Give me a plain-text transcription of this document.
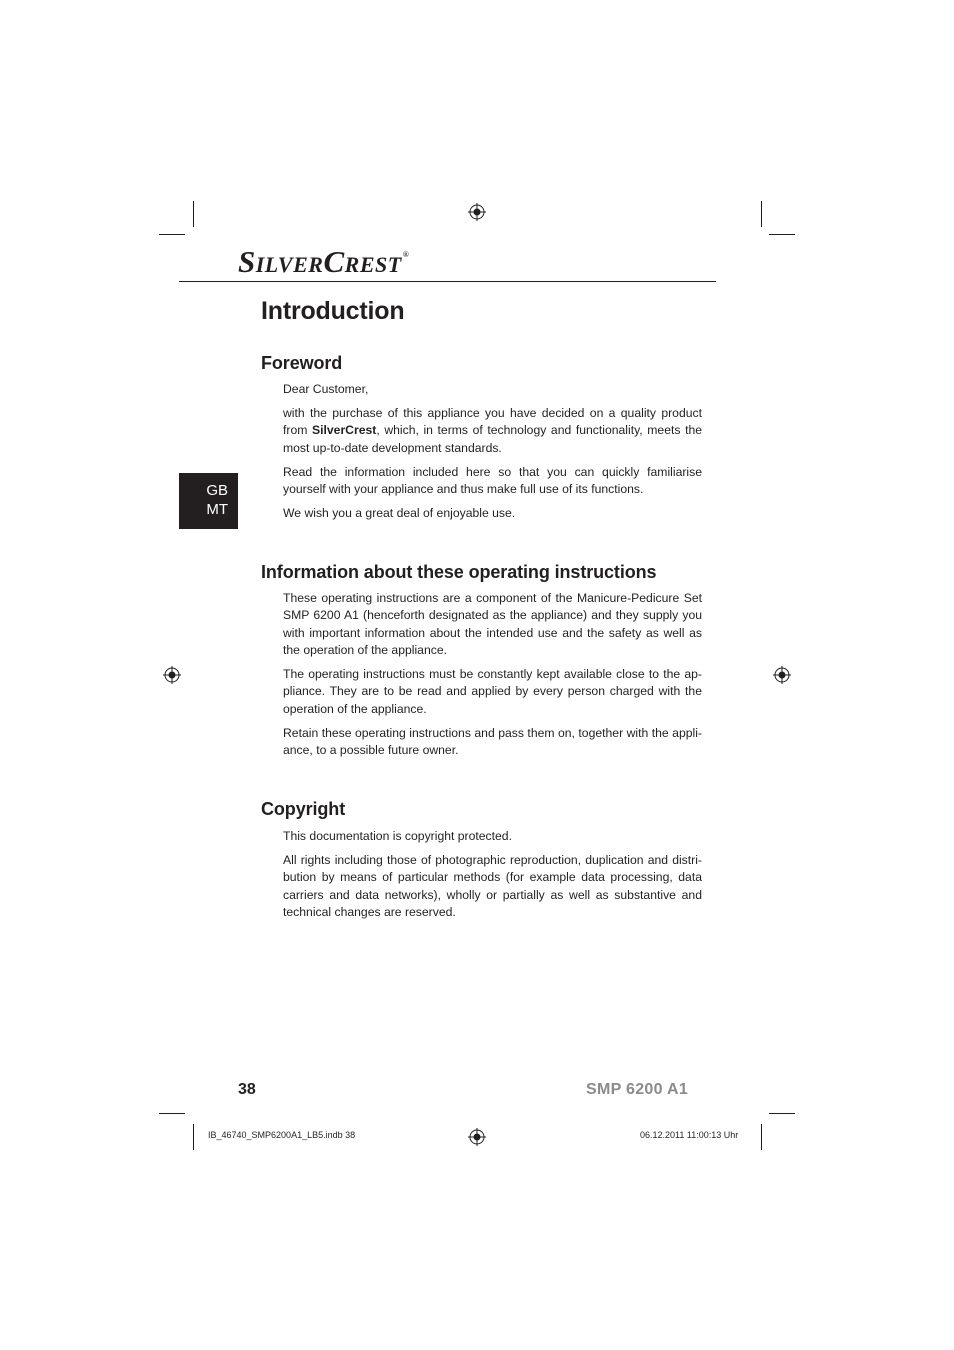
SILVERCREST®
Introduction
Foreword

Dear Customer,

with the purchase of this appliance you have decided on a quality product from SilverCrest, which, in terms of technology and functionality, meets the most up-to-date development standards.

Read the information included here so that you can quickly familiarise yourself with your appliance and thus make full use of its functions.

We wish you a great deal of enjoyable use.

GB
MT
Information about these operating instructions

These operating instructions are a component of the Manicure-Pedicure Set SMP 6200 A1 (henceforth designated as the appliance) and they supply you with important information about the intended use and the safety as well as the operation of the appliance.

The operating instructions must be constantly kept available close to the ap-pliance. They are to be read and applied by every person charged with the operation of the appliance.

Retain these operating instructions and pass them on, together with the appli-ance, to a possible future owner.

Copyright

This documentation is copyright protected.

All rights including those of photographic reproduction, duplication and distri-bution by means of particular methods (for example data processing, data carriers and data networks), wholly or partially as well as substantive and technical changes are reserved.

38	SMP 6200 A1
IB_46740_SMP6200A1_LB5.indb 38	06.12.2011 11:00:13 Uhr
